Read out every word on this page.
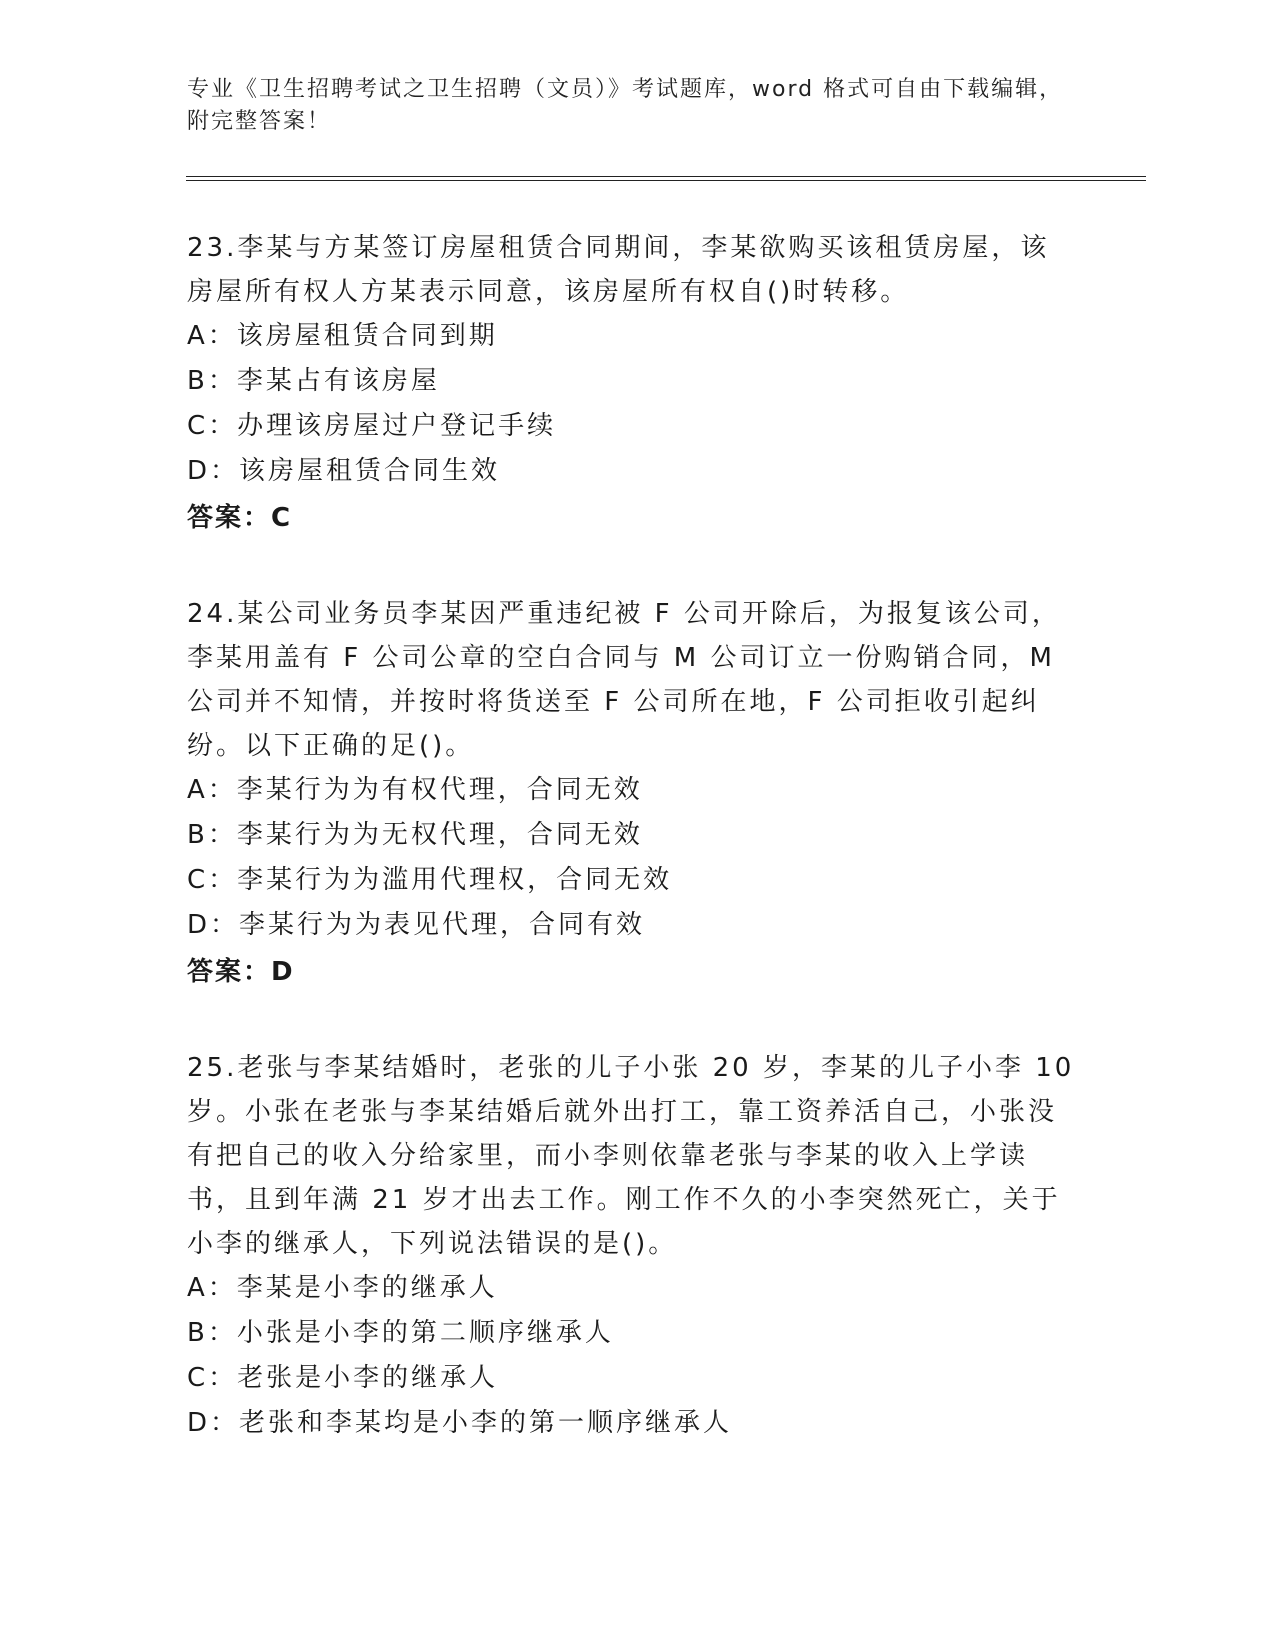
专业《卫生招聘考试之卫生招聘（文员）》考试题库，word 格式可自由下载编辑，附完整答案！

23.李某与方某签订房屋租赁合同期间，李某欲购买该租赁房屋，该房屋所有权人方某表示同意，该房屋所有权自()时转移。

A：该房屋租赁合同到期

B：李某占有该房屋

C：办理该房屋过户登记手续

D：该房屋租赁合同生效

答案：C

24.某公司业务员李某因严重违纪被 F 公司开除后，为报复该公司，李某用盖有 F 公司公章的空白合同与 M 公司订立一份购销合同，M 公司并不知情，并按时将货送至 F 公司所在地，F 公司拒收引起纠纷。以下正确的足()。

A：李某行为为有权代理，合同无效

B：李某行为为无权代理，合同无效

C：李某行为为滥用代理权，合同无效

D：李某行为为表见代理，合同有效

答案：D

25.老张与李某结婚时，老张的儿子小张 20 岁，李某的儿子小李 10 岁。小张在老张与李某结婚后就外出打工，靠工资养活自己，小张没有把自己的收入分给家里，而小李则依靠老张与李某的收入上学读书，且到年满 21 岁才出去工作。刚工作不久的小李突然死亡，关于小李的继承人，下列说法错误的是()。

A：李某是小李的继承人

B：小张是小李的第二顺序继承人

C：老张是小李的继承人

D：老张和李某均是小李的第一顺序继承人
